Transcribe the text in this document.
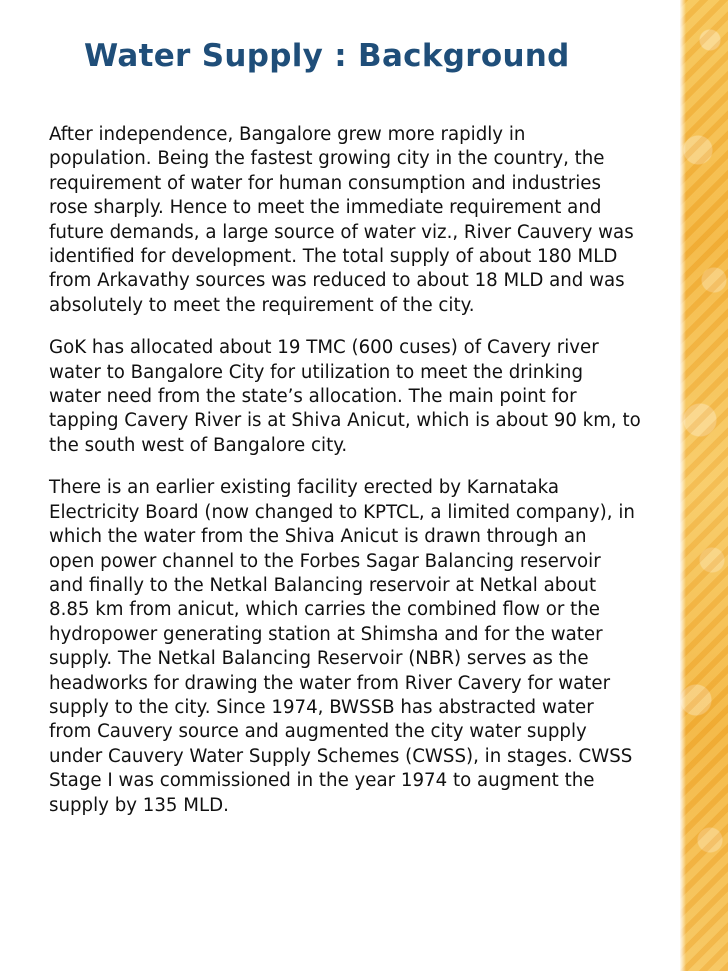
Water Supply : Background

After independence, Bangalore grew more rapidly in
population. Being the fastest growing city in the country, the
requirement of water for human consumption and industries
rose sharply. Hence to meet the immediate requirement and
future demands, a large source of water viz., River Cauvery was
identified for development. The total supply of about 180 MLD
from Arkavathy sources was reduced to about 18 MLD and was
absolutely to meet the requirement of the city.

GoK has allocated about 19 TMC (600 cuses) of Cavery river
water to Bangalore City for utilization to meet the drinking
water need from the state’s allocation. The main point for
tapping Cavery River is at Shiva Anicut, which is about 90 km, to
the south west of Bangalore city.

There is an earlier existing facility erected by Karnataka
Electricity Board (now changed to KPTCL, a limited company), in
which the water from the Shiva Anicut is drawn through an
open power channel to the Forbes Sagar Balancing reservoir
and finally to the Netkal Balancing reservoir at Netkal about
8.85 km from anicut, which carries the combined flow or the
hydropower generating station at Shimsha and for the water
supply. The Netkal Balancing Reservoir (NBR) serves as the
headworks for drawing the water from River Cavery for water
supply to the city. Since 1974, BWSSB has abstracted water
from Cauvery source and augmented the city water supply
under Cauvery Water Supply Schemes (CWSS), in stages. CWSS
Stage I was commissioned in the year 1974 to augment the
supply by 135 MLD.
